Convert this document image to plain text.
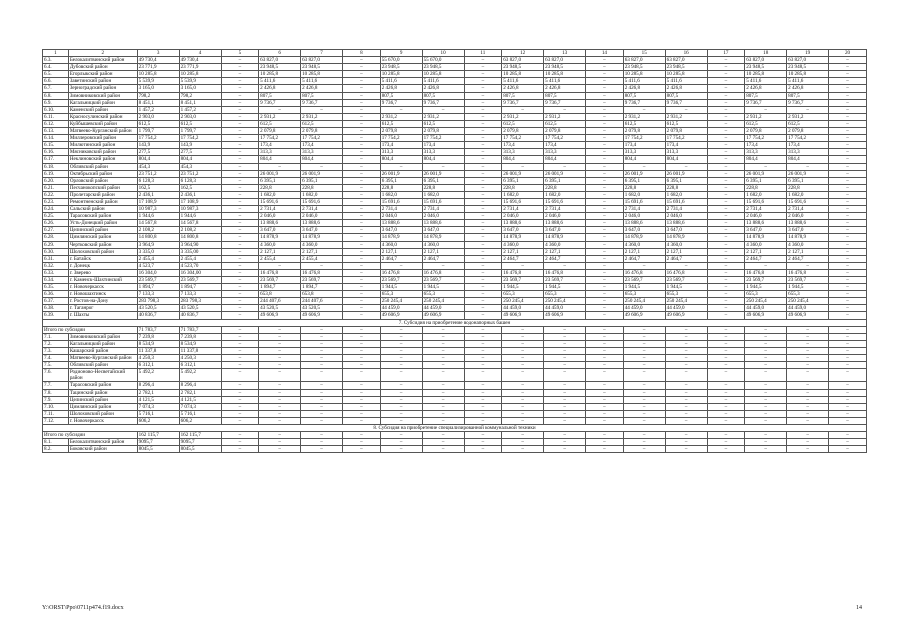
1	2	3	4	5	6	7	8	9	10	11	12	13	14	15	16	17	18	19	20
6.3.	Белокалитвинский район	49 730,4	49 730,4	–	63 827,0	63 827,0	–	55 670,0	55 670,0	–	63 827,0	63 827,0	–	63 827,0	63 827,0	–	63 827,0	63 827,0	–
6.4.	Дубовский район	23 771,9	23 771,9	–	23 948,5	23 948,5	–	23 948,5	23 948,5	–	23 948,5	23 948,5	–	23 948,5	23 948,5	–	23 948,5	23 948,5	–
6.5.	Егорлыкский район	10 285,8	10 285,8	–	10 285,8	10 285,8	–	10 285,8	10 285,8	–	10 285,8	10 285,8	–	10 285,8	10 285,8	–	10 285,8	10 285,8	–
6.6.	Заветинский район	5 539,9	5 539,9	–	5 411,6	5 411,6	–	5 411,6	5 411,6	–	5 411,6	5 411,6	–	5 411,6	5 411,6	–	5 411,6	5 411,6	–
6.7.	Зерноградский район	3 165,0	3 165,0	–	2 426,8	2 426,8	–	2 426,8	2 426,8	–	2 426,8	2 426,8	–	2 426,8	2 426,8	–	2 426,8	2 426,8	–
6.8.	Зимовниковский район	798,2	798,2	–	807,5	807,5	–	807,5	807,5	–	807,5	807,5	–	807,5	807,5	–	807,5	807,5	–
6.9.	Кагальницкий район	8 451,1	8 451,1	–	9 736,7	9 736,7	–	9 736,7	9 736,7	–	9 736,7	9 736,7	–	9 736,7	9 736,7	–	9 736,7	9 736,7	–
6.10.	Каменский район	1 457,2	1 457,2	–	–	–	–	–	–	–	–	–	–	–	–	–	–	–	–
6.11.	Красносулинский район	2 903,0	2 903,0	–	2 931,2	2 931,2	–	2 931,2	2 931,2	–	2 931,2	2 931,2	–	2 931,2	2 931,2	–	2 931,2	2 931,2	–
6.12.	Куйбышевский район	612,5	612,5	–	612,5	612,5	–	612,5	612,5	–	612,5	612,5	–	612,5	612,5	–	612,5	612,5	–
6.13.	Матвеево-Курганский район	1 799,7	1 799,7	–	2 079,8	2 079,8	–	2 079,8	2 079,8	–	2 079,8	2 079,8	–	2 079,8	2 079,8	–	2 079,8	2 079,8	–
6.14.	Миллеровский район	17 754,2	17 754,2	–	17 754,2	17 754,2	–	17 754,2	17 754,2	–	17 754,2	17 754,2	–	17 754,2	17 754,2	–	17 754,2	17 754,2	–
6.15.	Милютинский район	143,9	143,9	–	173,4	173,4	–	173,4	173,4	–	173,4	173,4	–	173,4	173,4	–	173,4	173,4	–
6.16.	Мясниковский район	277,5	277,5	–	313,3	313,3	–	313,3	313,3	–	313,3	313,3	–	313,3	313,3	–	313,3	313,3	–
6.17.	Неклиновский район	804,4	804,4	–	804,4	804,4	–	804,4	804,4	–	804,4	804,4	–	804,4	804,4	–	804,4	804,4	–
6.18.	Обливский район	454,3	454,3	–	–	–	–	–	–	–	–	–	–	–	–	–	–	–	–
6.19.	Октябрьский район	23 751,2	23 751,2	–	26 001,9	26 001,9	–	26 001,9	26 001,9	–	26 001,9	26 001,9	–	26 001,9	26 001,9	–	26 001,9	26 001,9	–
6.20.	Орловский район	6 128,3	6 128,3	–	6 395,1	6 395,1	–	6 395,1	6 395,1	–	6 395,1	6 395,1	–	6 395,1	6 395,1	–	6 395,1	6 395,1	–
6.21.	Песчанокопский район	162,5	162,5	–	228,8	228,8	–	228,8	228,8	–	228,8	228,8	–	228,8	228,8	–	228,8	228,8	–
6.22.	Пролетарский район	2 436,1	2 436,1	–	1 682,0	1 682,0	–	1 682,0	1 682,0	–	1 682,0	1 682,0	–	1 682,0	1 682,0	–	1 682,0	1 682,0	–
6.23.	Ремонтненский район	17 108,9	17 108,9	–	15 691,6	15 691,6	–	15 691,6	15 691,6	–	15 691,6	15 691,6	–	15 691,6	15 691,6	–	15 691,6	15 691,6	–
6.24.	Сальский район	10 987,3	10 987,3	–	2 731,4	2 731,4	–	2 731,4	2 731,4	–	2 731,4	2 731,4	–	2 731,4	2 731,4	–	2 731,4	2 731,4	–
6.25.	Тарасовский район	1 944,6	1 944,6	–	2 046,0	2 046,0	–	2 046,0	2 046,0	–	2 046,0	2 046,0	–	2 046,0	2 046,0	–	2 046,0	2 046,0	–
6.26.	Усть-Донецкий район	14 567,8	14 567,8	–	13 888,6	13 888,6	–	13 888,6	13 888,6	–	13 888,6	13 888,6	–	13 888,6	13 888,6	–	13 888,6	13 888,6	–
6.27.	Целинский район	2 108,2	2 108,2	–	3 647,0	3 647,0	–	3 647,0	3 647,0	–	3 647,0	3 647,0	–	3 647,0	3 647,0	–	3 647,0	3 647,0	–
6.28.	Цимлянский район	14 800,8	14 800,8	–	14 878,9	14 878,9	–	14 878,9	14 878,9	–	14 878,9	14 878,9	–	14 878,9	14 878,9	–	14 878,9	14 878,9	–
6.29.	Чертковский район	3 964,9	3 964,90	–	4 360,0	4 360,0	–	4 360,0	4 360,0	–	4 360,0	4 360,0	–	4 360,0	4 360,0	–	4 360,0	4 360,0	–
6.30.	Шолоховский район	3 335,0	3 335,00	–	2 127,1	2 127,1	–	2 127,1	2 127,1	–	2 127,1	2 127,1	–	2 127,1	2 127,1	–	2 127,1	2 127,1	–
6.31.	г. Батайск	2 455,4	2 455,4	–	2 455,4	2 455,4	–	2 464,7	2 464,7	–	2 464,7	2 464,7	–	2 464,7	2 464,7	–	2 464,7	2 464,7	–
6.32.	г. Донецк	4 523,7	4 523,70	–	–	–	–	–	–	–	–	–	–	–	–	–	–	–	–
6.33.	г. Зверево	16 304,0	16 304,00	–	16 476,8	16 476,8	–	16 476,8	16 476,8	–	16 476,8	16 476,8	–	16 476,8	16 476,8	–	16 476,8	16 476,8	–
6.34.	г. Каменск-Шахтинский	23 569,7	23 569,7	–	23 569,7	23 569,7	–	23 569,7	23 569,7	–	23 569,7	23 569,7	–	23 569,7	23 569,7	–	23 569,7	23 569,7	–
6.35.	г. Новочеркасск	1 894,7	1 894,7	–	1 894,7	1 894,7	–	1 944,5	1 944,5	–	1 944,5	1 944,5	–	1 944,5	1 944,5	–	1 944,5	1 944,5	–
6.36.	г. Новошахтинск	7 133,3	7 133,3	–	653,8	653,8	–	655,3	655,3	–	655,3	655,3	–	655,3	655,3	–	655,3	655,3	–
6.37.	г. Ростов-на-Дону	283 798,3	283 798,3	–	244 407,6	244 407,6	–	250 245,4	250 245,4	–	250 245,4	250 245,4	–	250 245,4	250 245,4	–	250 245,4	250 245,4	–
6.38.	г. Таганрог	43 520,5	43 520,5	–	43 520,5	43 520,5	–	44 459,0	44 459,0	–	44 459,0	44 459,0	–	44 459,0	44 459,0	–	44 459,0	44 459,0	–
6.39.	г. Шахты	40 836,7	40 836,7	–	49 606,9	49 606,9	–	49 606,9	49 606,9	–	49 606,9	49 606,9	–	49 606,9	49 606,9	–	49 606,9	49 606,9	–
7. Субсидия на приобретение водонапорных башен																			
Итого по субсидии		71 783,7	71 783,7	–	–	–	–	–	–	–	–	–	–	–	–	–	–	–	–
7.1.	Зимовниковский район	7 239,8	7 239,8	–	–	–	–	–	–	–	–	–	–	–	–	–	–	–	–
7.2.	Кагальницкий район	8 534,9	8 534,9	–	–	–	–	–	–	–	–	–	–	–	–	–	–	–	–
7.3.	Кашарский район	11 337,8	11 337,8	–	–	–	–	–	–	–	–	–	–	–	–	–	–	–	–
7.4.	Матвеево-Курганский район	4 250,3	4 250,3	–	–	–	–	–	–	–	–	–	–	–	–	–	–	–	–
7.5.	Обливский район	6 312,1	6 312,1	–	–	–	–	–	–	–	–	–	–	–	–	–	–	–	–
7.6.	Родионово-Несветайский район	5 492,2	5 492,2	–	–	–	–	–	–	–	–	–	–	–	–	–	–	–	–
7.7.	Тарасовский район	8 296,4	8 296,4	–	–	–	–	–	–	–	–	–	–	–	–	–	–	–	–
7.8.	Тацинский район	2 782,1	2 782,1	–	–	–	–	–	–	–	–	–	–	–	–	–	–	–	–
7.9.	Целинский район	4 121,5	4 121,5	–	–	–	–	–	–	–	–	–	–	–	–	–	–	–	–
7.10.	Цимлянский район	7 074,3	7 074,3	–	–	–	–	–	–	–	–	–	–	–	–	–	–	–	–
7.11.	Шолоховский район	5 716,1	5 716,1	–	–	–	–	–	–	–	–	–	–	–	–	–	–	–	–
7.12.	г. Новочеркасск	606,2	606,2	–	–	–	–	–	–	–	–	–	–	–	–	–	–	–	–
8. Субсидия на приобретение специализированной коммунальной техники																			
Итого по субсидии		162 115,7	162 115,7	–	–	–	–	–	–	–	–	–	–	–	–	–	–	–	–
8.1.	Белокалитвинский район	9095,7	9095,7	–	–	–	–	–	–	–	–	–	–	–	–	–	–	–	–
8.2.	Боковский район	8045,5	8045,5	–	–	–	–	–	–	–	–	–	–	–	–	–	–	–	–
Y:\ORST\Ppo\0711p474.f19.docx	14
